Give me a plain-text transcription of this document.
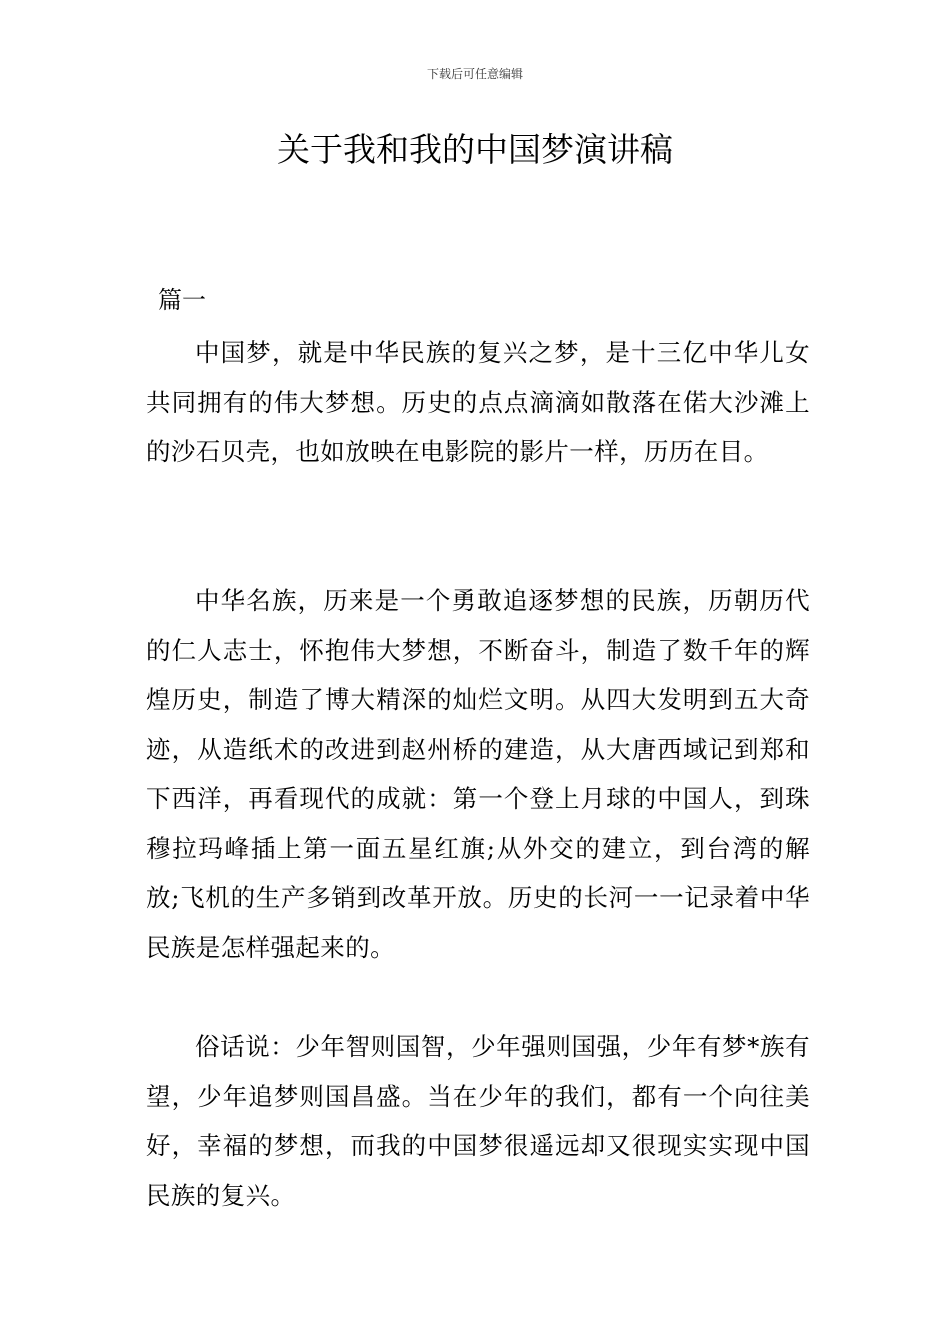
下载后可任意编辑
关于我和我的中国梦演讲稿
篇一

中国梦，就是中华民族的复兴之梦，是十三亿中华儿女共同拥有的伟大梦想。历史的点点滴滴如散落在偌大沙滩上的沙石贝壳，也如放映在电影院的影片一样，历历在目。

中华名族，历来是一个勇敢追逐梦想的民族，历朝历代的仁人志士，怀抱伟大梦想，不断奋斗，制造了数千年的辉煌历史，制造了博大精深的灿烂文明。从四大发明到五大奇迹，从造纸术的改进到赵州桥的建造，从大唐西域记到郑和下西洋，再看现代的成就：第一个登上月球的中国人，到珠穆拉玛峰插上第一面五星红旗;从外交的建立，到台湾的解放;飞机的生产多销到改革开放。历史的长河一一记录着中华民族是怎样强起来的。

俗话说：少年智则国智，少年强则国强，少年有梦*族有望，少年追梦则国昌盛。当在少年的我们，都有一个向往美好，幸福的梦想，而我的中国梦很遥远却又很现实实现中国民族的复兴。
